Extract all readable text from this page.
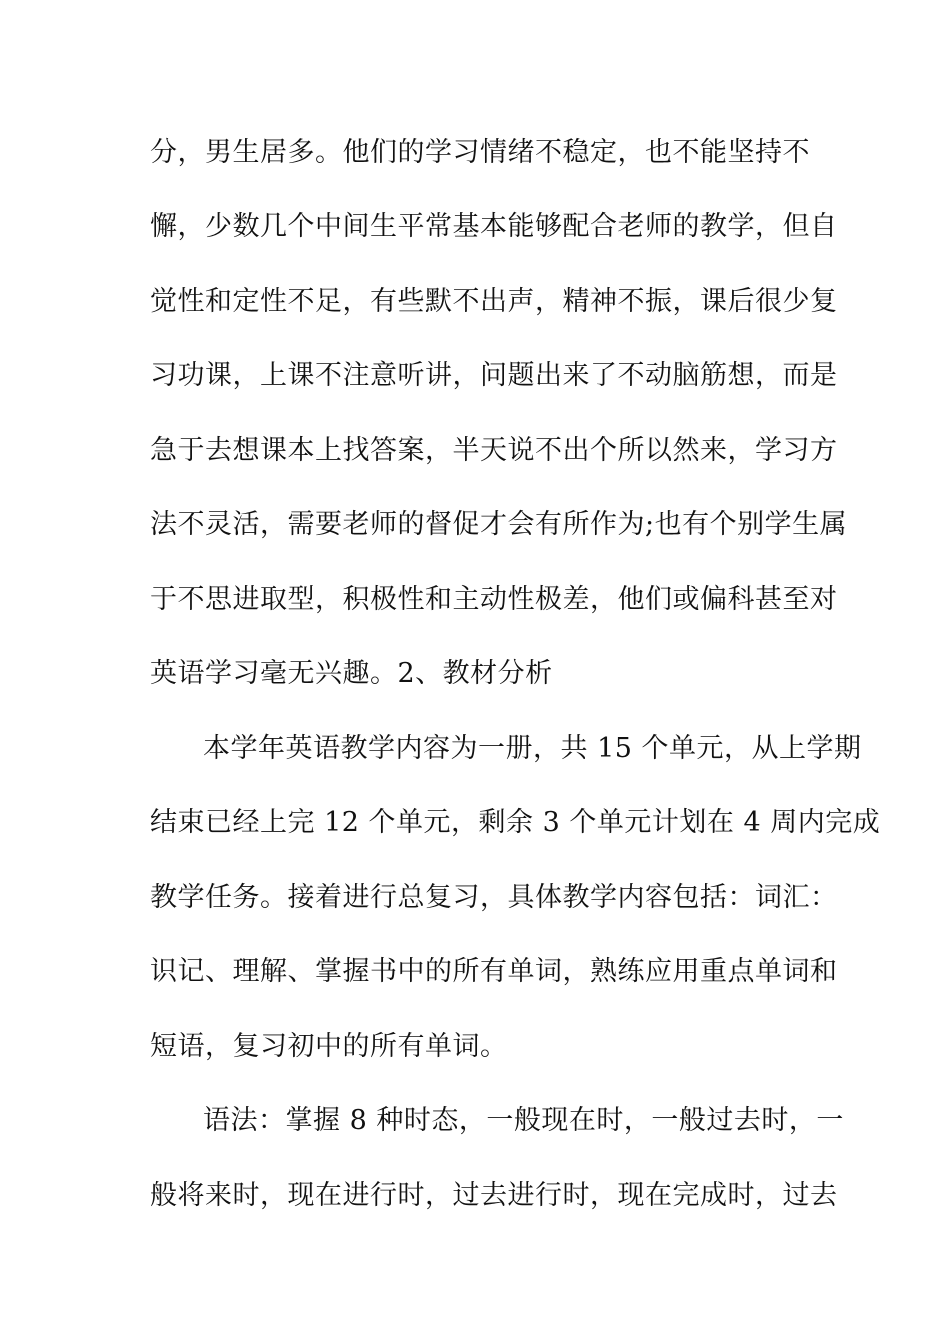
分，男生居多。他们的学习情绪不稳定，也不能坚持不
懈，少数几个中间生平常基本能够配合老师的教学，但自
觉性和定性不足，有些默不出声，精神不振，课后很少复
习功课，上课不注意听讲，问题出来了不动脑筋想，而是
急于去想课本上找答案，半天说不出个所以然来，学习方
法不灵活，需要老师的督促才会有所作为;也有个别学生属
于不思进取型，积极性和主动性极差，他们或偏科甚至对
英语学习毫无兴趣。2、教材分析
本学年英语教学内容为一册，共 15 个单元，从上学期
结束已经上完 12 个单元，剩余 3 个单元计划在 4 周内完成
教学任务。接着进行总复习，具体教学内容包括：词汇：
识记、理解、掌握书中的所有单词，熟练应用重点单词和
短语，复习初中的所有单词。
语法：掌握 8 种时态，一般现在时，一般过去时，一
般将来时，现在进行时，过去进行时，现在完成时，过去
